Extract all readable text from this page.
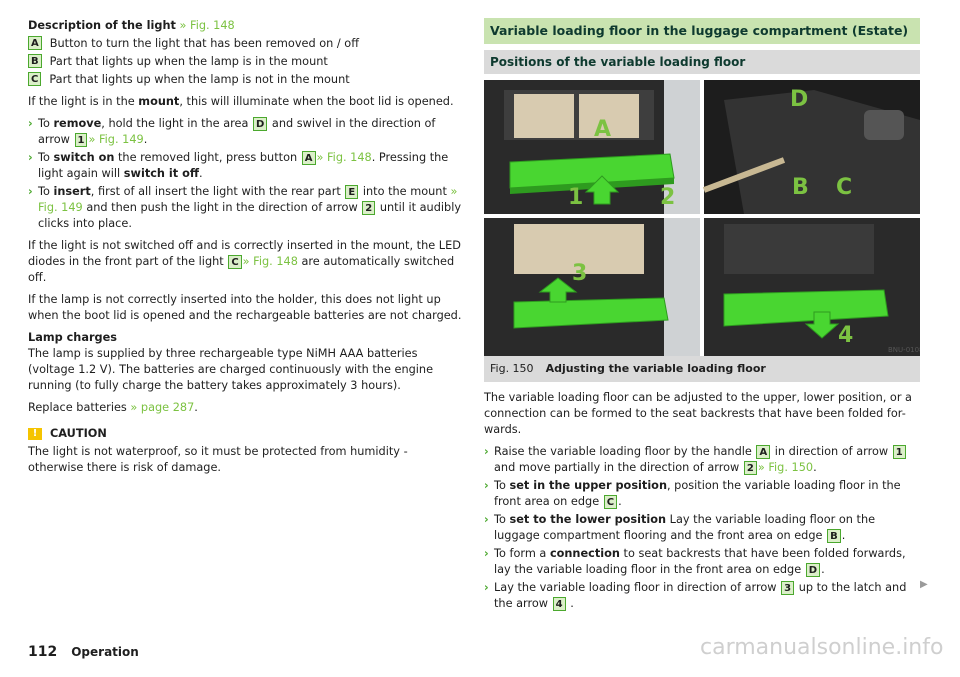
Description of the light » Fig. 148

A Button to turn the light that has been removed on / off
B Part that lights up when the lamp is in the mount
C Part that lights up when the lamp is not in the mount

If the light is in the mount, this will illuminate when the boot lid is opened.

› To remove, hold the light in the area D and swivel in the direction of arrow 1 » Fig. 149.
› To switch on the removed light, press button A » Fig. 148. Pressing the light again will switch it off.
› To insert, first of all insert the light with the rear part E into the mount » Fig. 149 and then push the light in the direction of arrow 2 until it audibly clicks into place.

If the light is not switched off and is correctly inserted in the mount, the LED diodes in the front part of the light C » Fig. 148 are automatically switched off.

If the lamp is not correctly inserted into the holder, this does not light up when the boot lid is opened and the rechargeable batteries are not charged.

Lamp charges

The lamp is supplied by three rechargeable type NiMH AAA batteries (voltage 1.2 V). The batteries are charged continuously with the engine running (to fully charge the battery takes approximately 3 hours).

Replace batteries » page 287.

!	CAUTION

The light is not waterproof, so it must be protected from humidity - otherwise there is risk of damage.

Variable loading floor in the luggage compartment (Estate)
Positions of the variable loading floor
A
1	2
D
B C
3
4
BNU-0108
Fig. 150 Adjusting the variable loading floor

The variable loading floor can be adjusted to the upper, lower position, or a connection can be formed to the seat backrests that have been folded for-wards.

› Raise the variable loading floor by the handle A in direction of arrow 1 and move partially in the direction of arrow 2 » Fig. 150.
› To set in the upper position, position the variable loading floor in the front area on edge C .
› To set to the lower position Lay the variable loading floor on the luggage compartment flooring and the front area on edge B .
› To form a connection to seat backrests that have been folded forwards, lay the variable loading floor in the front area on edge D .
› Lay the variable loading floor in direction of arrow 3 up to the latch and the arrow 4 .
▶
112 Operation	carmanualsonline.info
